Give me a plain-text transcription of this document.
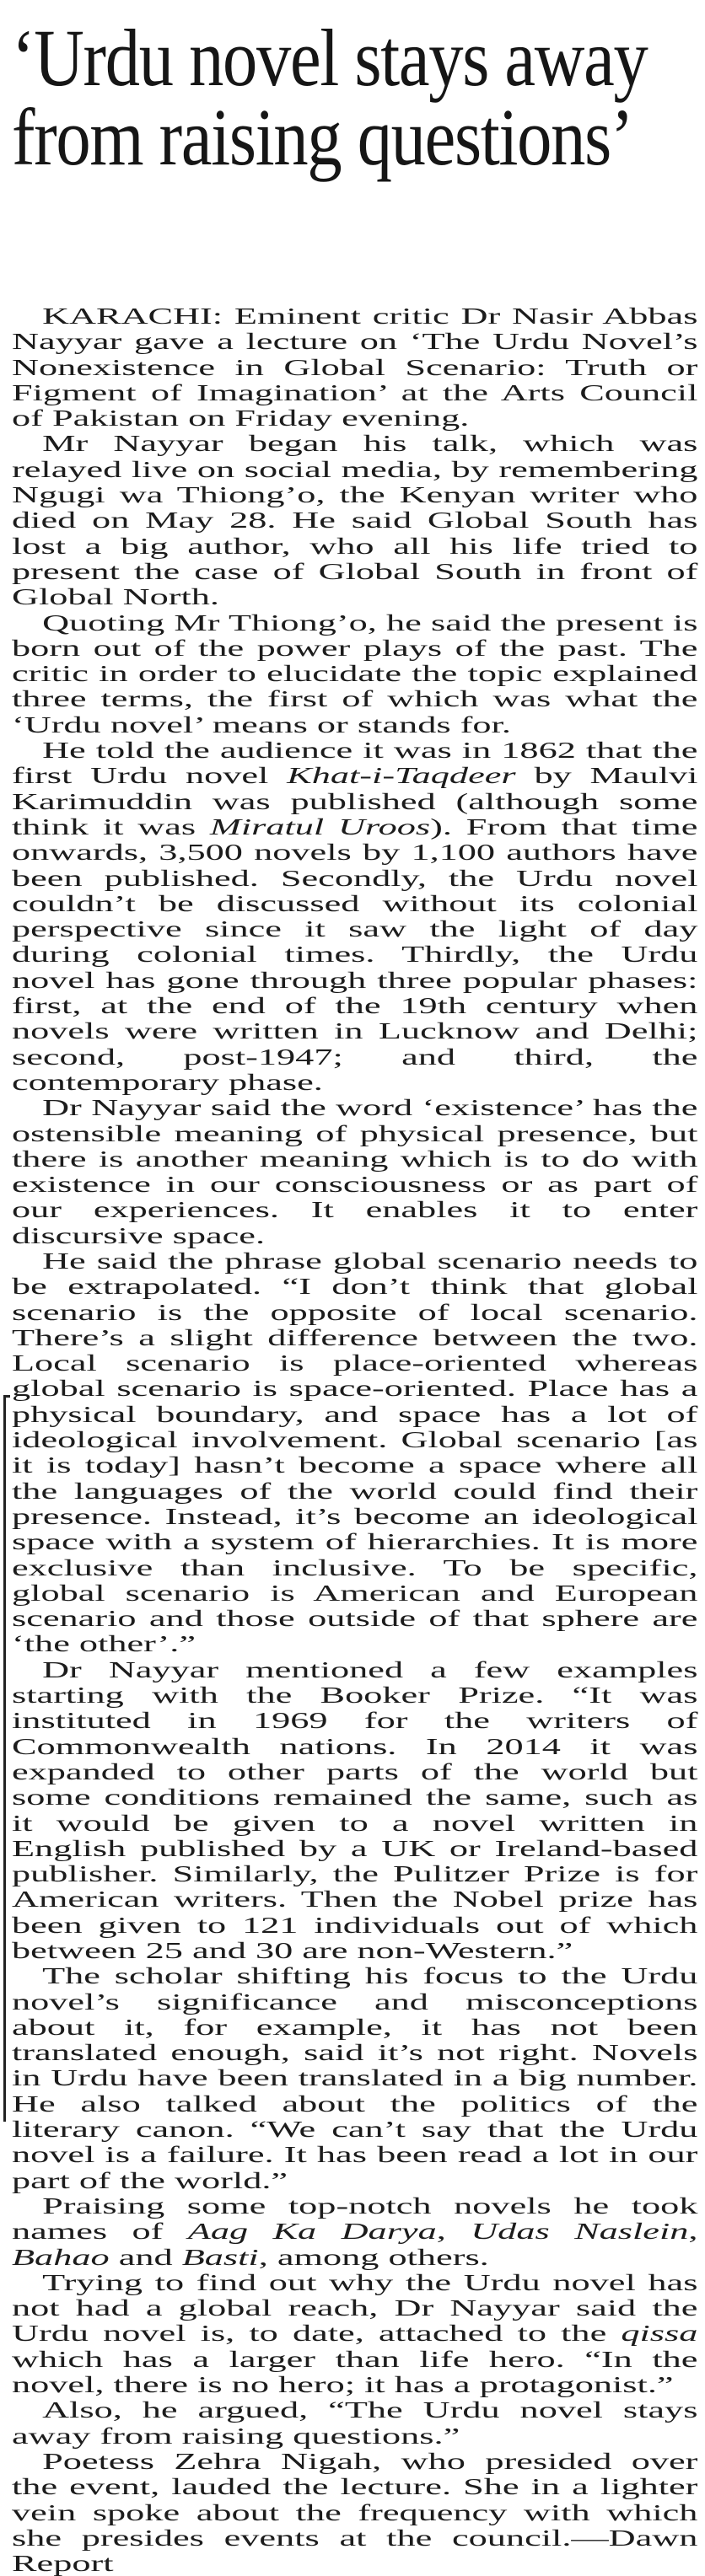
‘Urdu novel stays away from raising questions’

KARACHI: Eminent critic Dr Nasir Abbas Nayyar gave a lecture on ‘The Urdu Novel’s Nonexistence in Global Scenario: Truth or Figment of Imagination’ at the Arts Council of Pakistan on Friday evening.

Mr Nayyar began his talk, which was relayed live on social media, by remembering Ngugi wa Thiong’o, the Kenyan writer who died on May 28. He said Global South has lost a big author, who all his life tried to present the case of Global South in front of Global North.

Quoting Mr Thiong’o, he said the present is born out of the power plays of the past. The critic in order to elucidate the topic explained three terms, the first of which was what the ‘Urdu novel’ means or stands for.

He told the audience it was in 1862 that the first Urdu novel Khat-i-Taqdeer by Maulvi Karimuddin was published (although some think it was Miratul Uroos). From that time onwards, 3,500 novels by 1,100 authors have been published. Secondly, the Urdu novel couldn’t be discussed without its colonial perspective since it saw the light of day during colonial times. Thirdly, the Urdu novel has gone through three popular phases: first, at the end of the 19th century when novels were written in Lucknow and Delhi; second, post-1947; and third, the contemporary phase.

Dr Nayyar said the word ‘existence’ has the ostensible meaning of physical presence, but there is another meaning which is to do with existence in our consciousness or as part of our experiences. It enables it to enter discursive space.

He said the phrase global scenario needs to be extrapolated. “I don’t think that global scenario is the opposite of local scenario. There’s a slight difference between the two. Local scenario is place-oriented whereas global scenario is space-oriented. Place has a physical boundary, and space has a lot of ideological involvement. Global scenario [as it is today] hasn’t become a space where all the languages of the world could find their presence. Instead, it’s become an ideological space with a system of hierarchies. It is more exclusive than inclusive. To be specific, global scenario is American and European scenario and those outside of that sphere are ‘the other’.”

Dr Nayyar mentioned a few examples starting with the Booker Prize. “It was instituted in 1969 for the writers of Commonwealth nations. In 2014 it was expanded to other parts of the world but some conditions remained the same, such as it would be given to a novel written in English published by a UK or Ireland-based publisher. Similarly, the Pulitzer Prize is for American writers. Then the Nobel prize has been given to 121 individuals out of which between 25 and 30 are non-Western.”

The scholar shifting his focus to the Urdu novel’s significance and misconceptions about it, for example, it has not been translated enough, said it’s not right. Novels in Urdu have been translated in a big number. He also talked about the politics of the literary canon. “We can’t say that the Urdu novel is a failure. It has been read a lot in our part of the world.”

Praising some top-notch novels he took names of Aag Ka Darya, Udas Naslein, Bahao and Basti, among others.

Trying to find out why the Urdu novel has not had a global reach, Dr Nayyar said the Urdu novel is, to date, attached to the qissa which has a larger than life hero. “In the novel, there is no hero; it has a protagonist.”

Also, he argued, “The Urdu novel stays away from raising questions.”

Poetess Zehra Nigah, who presided over the event, lauded the lecture. She in a lighter vein spoke about the frequency with which she presides events at the council.—Dawn Report
